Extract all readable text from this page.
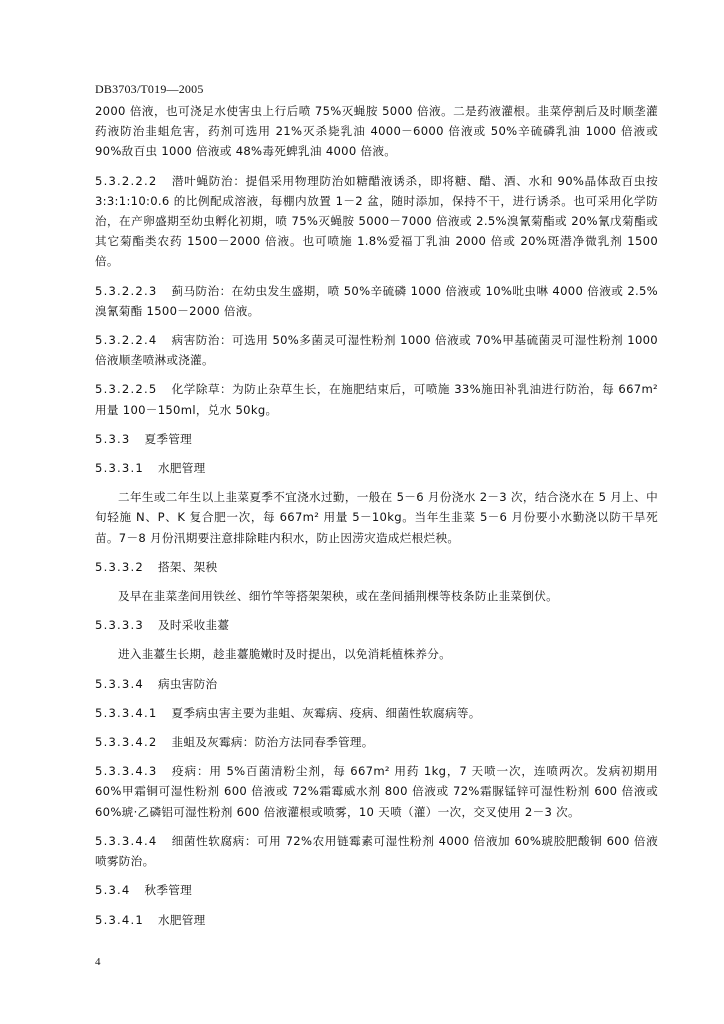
DB3703/T019—2005

2000 倍液，也可浇足水使害虫上行后喷 75%灭蝇胺 5000 倍液。二是药液灌根。韭菜停割后及时顺垄灌药液防治韭蛆危害，药剂可选用 21%灭杀毙乳油 4000－6000 倍液或 50%辛硫磷乳油 1000 倍液或 90%敌百虫 1000 倍液或 48%毒死蜱乳油 4000 倍液。

5.3.2.2.2 潜叶蝇防治：提倡采用物理防治如糖醋液诱杀，即将糖、醋、酒、水和 90%晶体敌百虫按 3:3:1:10:0.6 的比例配成溶液，每棚内放置 1－2 盆，随时添加，保持不干，进行诱杀。也可采用化学防治，在产卵盛期至幼虫孵化初期，喷 75%灭蝇胺 5000－7000 倍液或 2.5%溴氰菊酯或 20%氰戊菊酯或其它菊酯类农药 1500－2000 倍液。也可喷施 1.8%爱福丁乳油 2000 倍或 20%斑潜净微乳剂 1500 倍。

5.3.2.2.3 蓟马防治：在幼虫发生盛期，喷 50%辛硫磷 1000 倍液或 10%吡虫啉 4000 倍液或 2.5%溴氰菊酯 1500－2000 倍液。

5.3.2.2.4 病害防治：可选用 50%多菌灵可湿性粉剂 1000 倍液或 70%甲基硫菌灵可湿性粉剂 1000 倍液顺垄喷淋或浇灌。

5.3.2.2.5 化学除草：为防止杂草生长，在施肥结束后，可喷施 33%施田补乳油进行防治，每 667m² 用量 100－150ml，兑水 50kg。

5.3.3 夏季管理
5.3.3.1 水肥管理

二年生或二年生以上韭菜夏季不宜浇水过勤，一般在 5－6 月份浇水 2－3 次，结合浇水在 5 月上、中旬轻施 N、P、K 复合肥一次，每 667m² 用量 5－10kg。当年生韭菜 5－6 月份要小水勤浇以防干旱死苗。7－8 月份汛期要注意排除畦内积水，防止因涝灾造成烂根烂秧。

5.3.3.2 搭架、架秧

及早在韭菜垄间用铁丝、细竹竿等搭架架秧，或在垄间插荆棵等枝条防止韭菜倒伏。

5.3.3.3 及时采收韭薹

进入韭薹生长期，趁韭薹脆嫩时及时提出，以免消耗植株养分。

5.3.3.4 病虫害防治

5.3.3.4.1 夏季病虫害主要为韭蛆、灰霉病、疫病、细菌性软腐病等。

5.3.3.4.2 韭蛆及灰霉病：防治方法同春季管理。

5.3.3.4.3 疫病：用 5%百菌清粉尘剂，每 667m² 用药 1kg，7 天喷一次，连喷两次。发病初期用 60%甲霜铜可湿性粉剂 600 倍液或 72%霜霉威水剂 800 倍液或 72%霜脲锰锌可湿性粉剂 600 倍液或 60%琥·乙磷铝可湿性粉剂 600 倍液灌根或喷雾，10 天喷（灌）一次，交叉使用 2－3 次。

5.3.3.4.4 细菌性软腐病：可用 72%农用链霉素可湿性粉剂 4000 倍液加 60%琥胶肥酸铜 600 倍液喷雾防治。

5.3.4 秋季管理
5.3.4.1 水肥管理
4
